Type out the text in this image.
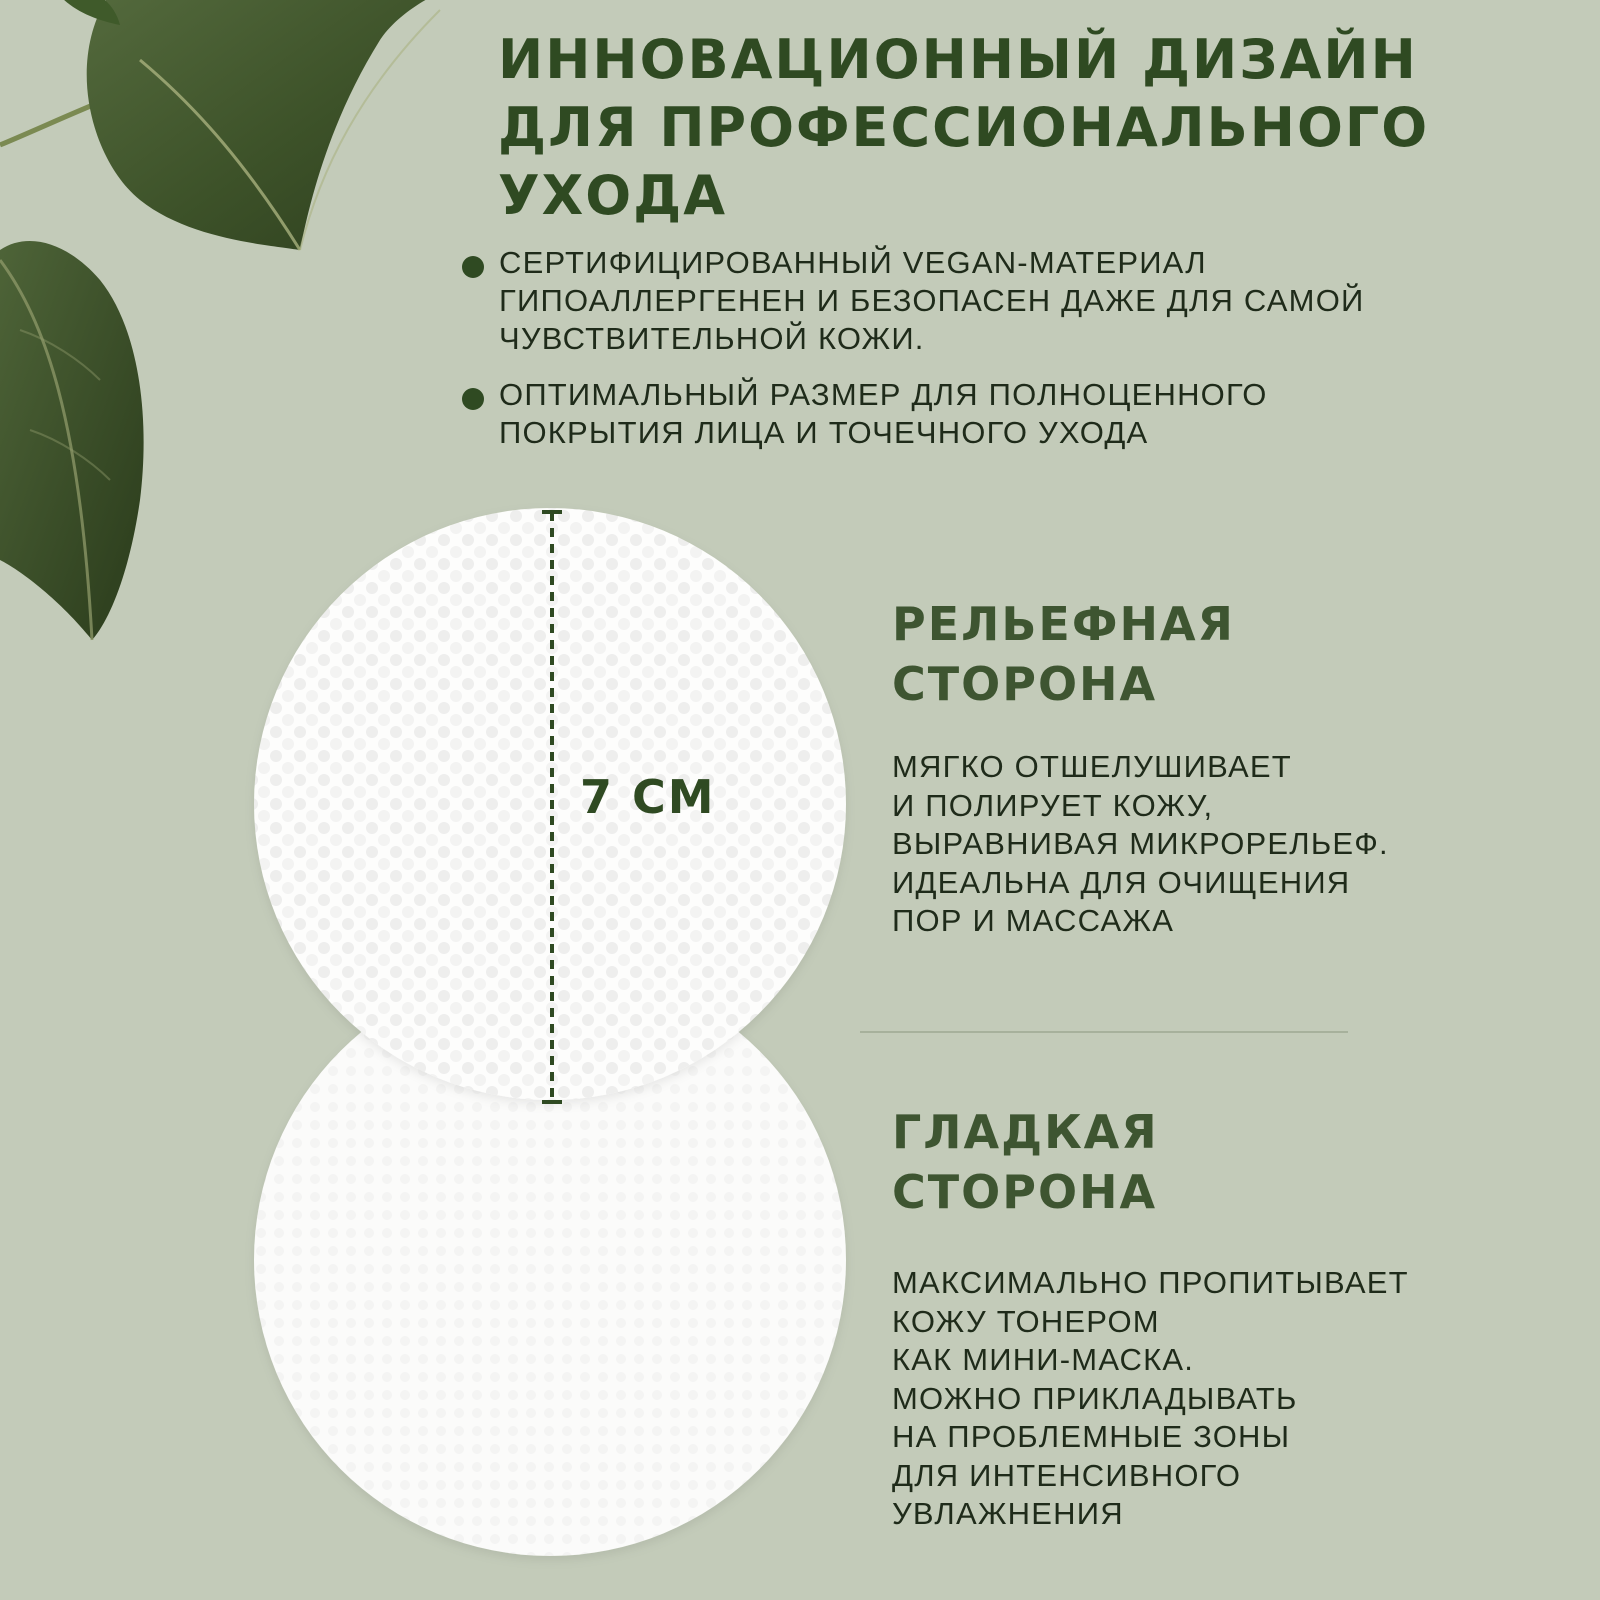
ИННОВАЦИОННЫЙ ДИЗАЙН
ДЛЯ ПРОФЕССИОНАЛЬНОГО
УХОДА
СЕРТИФИЦИРОВАННЫЙ VEGAN-МАТЕРИАЛ
ГИПОАЛЛЕРГЕНЕН И БЕЗОПАСЕН ДАЖЕ ДЛЯ САМОЙ
ЧУВСТВИТЕЛЬНОЙ КОЖИ.
ОПТИМАЛЬНЫЙ РАЗМЕР ДЛЯ ПОЛНОЦЕННОГО
ПОКРЫТИЯ ЛИЦА И ТОЧЕЧНОГО УХОДА
7 СМ
РЕЛЬЕФНАЯ
СТОРОНА

МЯГКО ОТШЕЛУШИВАЕТ
И ПОЛИРУЕТ КОЖУ,
ВЫРАВНИВАЯ МИКРОРЕЛЬЕФ.
ИДЕАЛЬНА ДЛЯ ОЧИЩЕНИЯ
ПОР И МАССАЖА

ГЛАДКАЯ
СТОРОНА

МАКСИМАЛЬНО ПРОПИТЫВАЕТ
КОЖУ ТОНЕРОМ
КАК МИНИ-МАСКА.
МОЖНО ПРИКЛАДЫВАТЬ
НА ПРОБЛЕМНЫЕ ЗОНЫ
ДЛЯ ИНТЕНСИВНОГО
УВЛАЖНЕНИЯ
